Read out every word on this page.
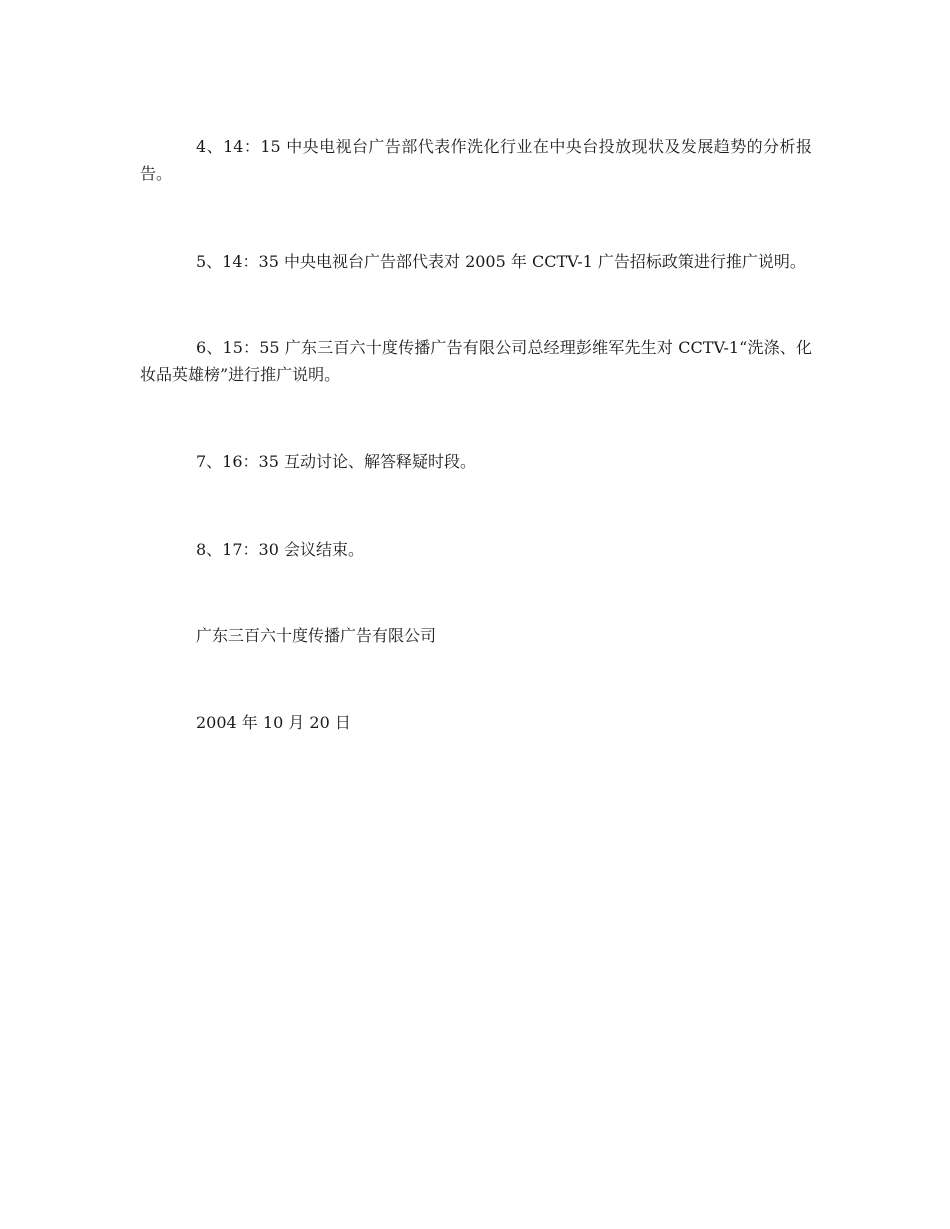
4、14：15 中央电视台广告部代表作洗化行业在中央台投放现状及发展趋势的分析报告。

5、14：35 中央电视台广告部代表对 2005 年 CCTV-1 广告招标政策进行推广说明。

6、15：55 广东三百六十度传播广告有限公司总经理彭维军先生对 CCTV-1“洗涤、化妆品英雄榜”进行推广说明。

7、16：35 互动讨论、解答释疑时段。

8、17：30 会议结束。

广东三百六十度传播广告有限公司

2004 年 10 月 20 日
